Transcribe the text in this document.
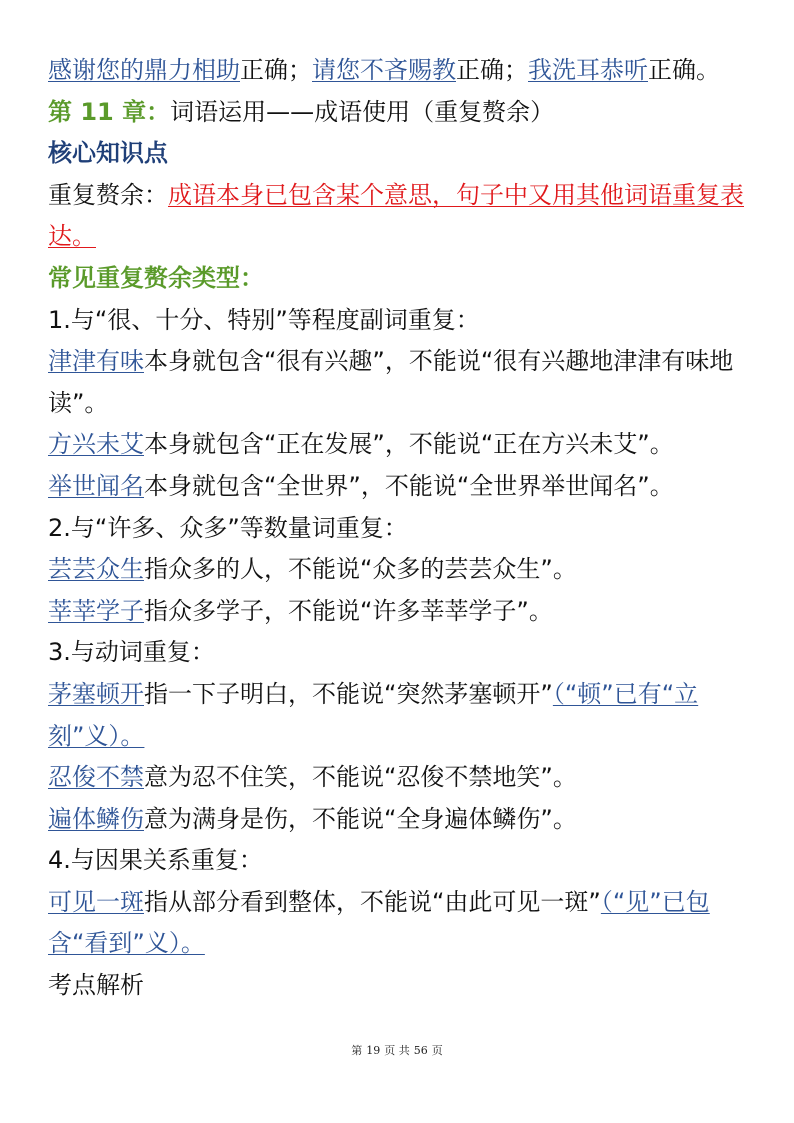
感谢您的鼎力相助正确；请您不吝赐教正确；我洗耳恭听正确。

第 11 章：词语运用——成语使用（重复赘余）

核心知识点

重复赘余：成语本身已包含某个意思，句子中又用其他词语重复表达。

常见重复赘余类型：

1.与“很、十分、特别”等程度副词重复：

津津有味本身就包含“很有兴趣”，不能说“很有兴趣地津津有味地读”。

方兴未艾本身就包含“正在发展”，不能说“正在方兴未艾”。

举世闻名本身就包含“全世界”，不能说“全世界举世闻名”。

2.与“许多、众多”等数量词重复：

芸芸众生指众多的人，不能说“众多的芸芸众生”。

莘莘学子指众多学子，不能说“许多莘莘学子”。

3.与动词重复：

茅塞顿开指一下子明白，不能说“突然茅塞顿开”（“顿”已有“立刻”义）。

忍俊不禁意为忍不住笑，不能说“忍俊不禁地笑”。

遍体鳞伤意为满身是伤，不能说“全身遍体鳞伤”。

4.与因果关系重复：

可见一斑指从部分看到整体，不能说“由此可见一斑”（“见”已包含“看到”义）。

考点解析

第 19 页 共 56 页
